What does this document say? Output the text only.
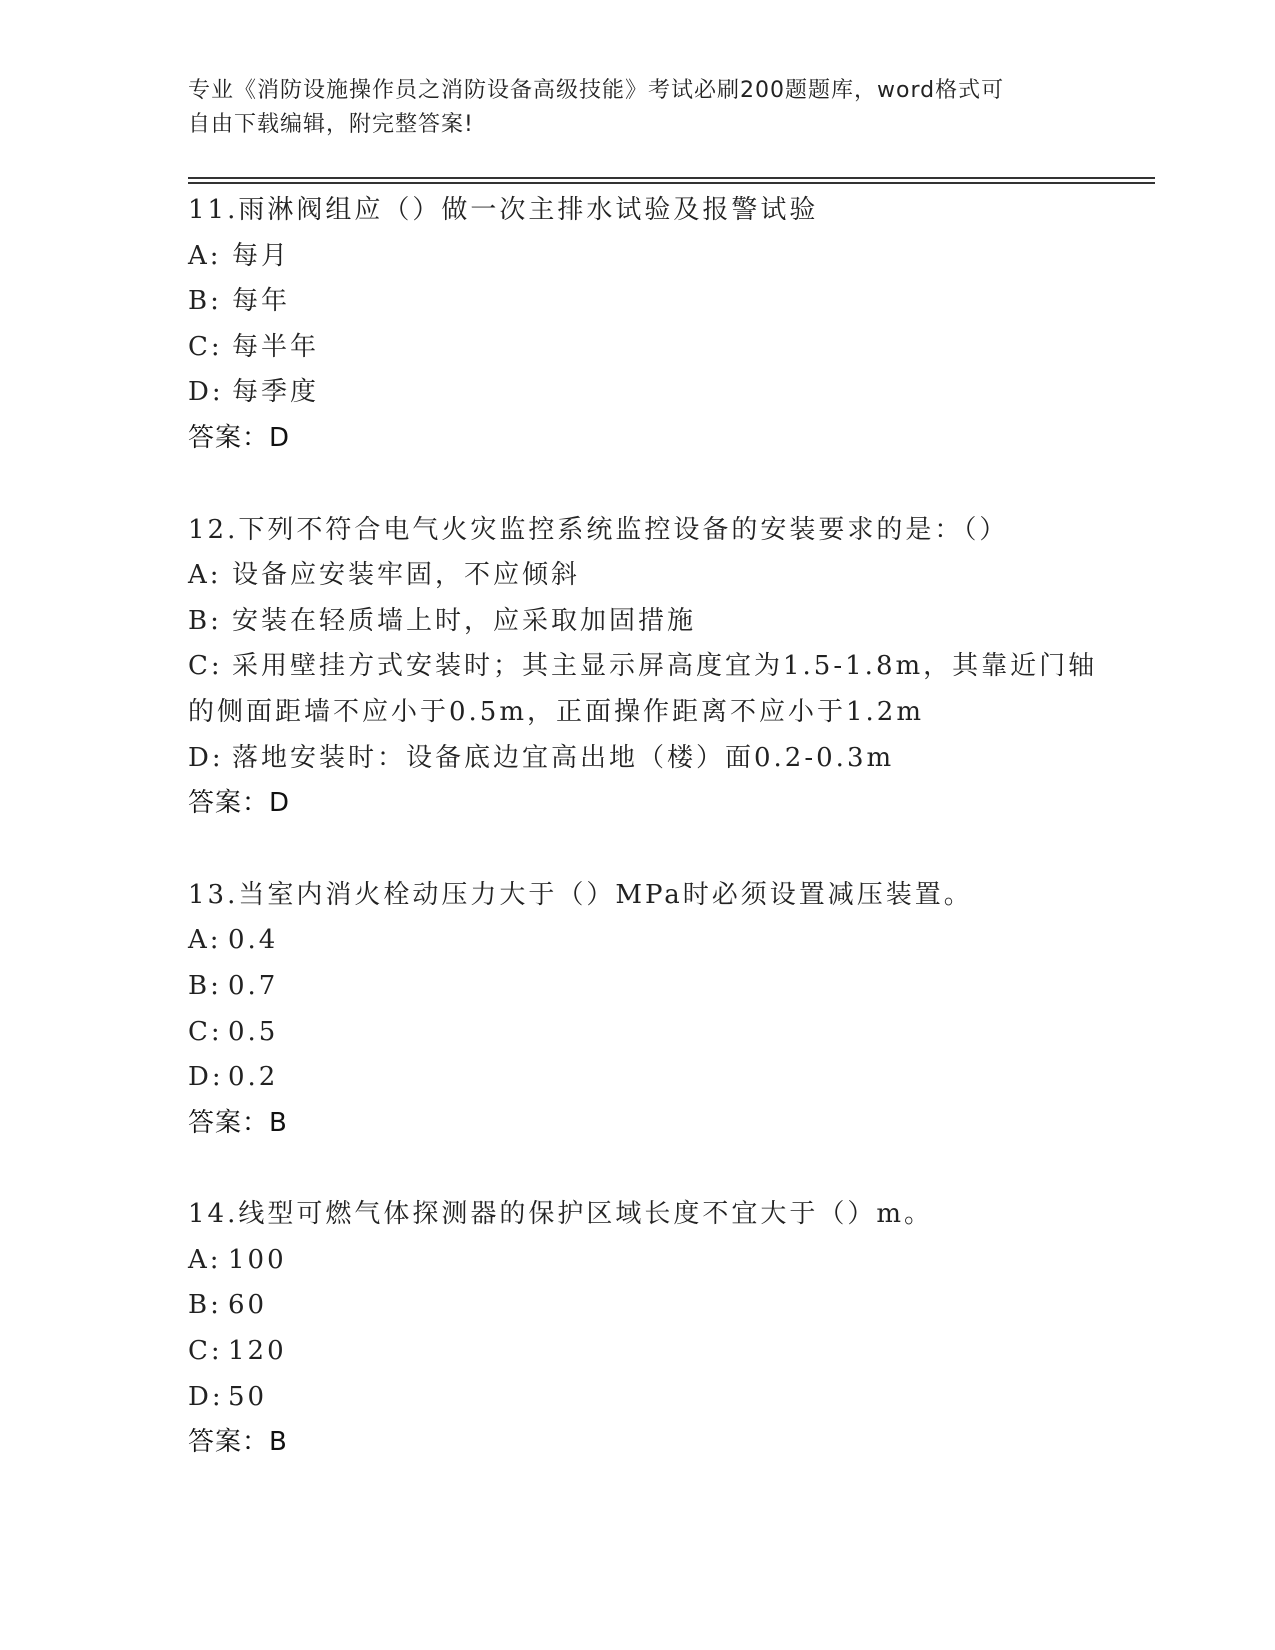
专业《消防设施操作员之消防设备高级技能》考试必刷200题题库，word格式可
自由下载编辑，附完整答案!
11.雨淋阀组应（）做一次主排水试验及报警试验
A: 每月
B: 每年
C: 每半年
D: 每季度
答案：D
12.下列不符合电气火灾监控系统监控设备的安装要求的是：（）
A: 设备应安装牢固，不应倾斜
B: 安装在轻质墙上时，应采取加固措施
C: 采用壁挂方式安装时；其主显示屏高度宜为1.5-1.8m，其靠近门轴
的侧面距墙不应小于0.5m，正面操作距离不应小于1.2m
D: 落地安装时：设备底边宜高出地（楼）面0.2-0.3m
答案：D
13.当室内消火栓动压力大于（）MPa时必须设置减压装置。
A: 0.4
B: 0.7
C: 0.5
D: 0.2
答案：B
14.线型可燃气体探测器的保护区域长度不宜大于（）m。
A: 100
B: 60
C: 120
D: 50
答案：B
